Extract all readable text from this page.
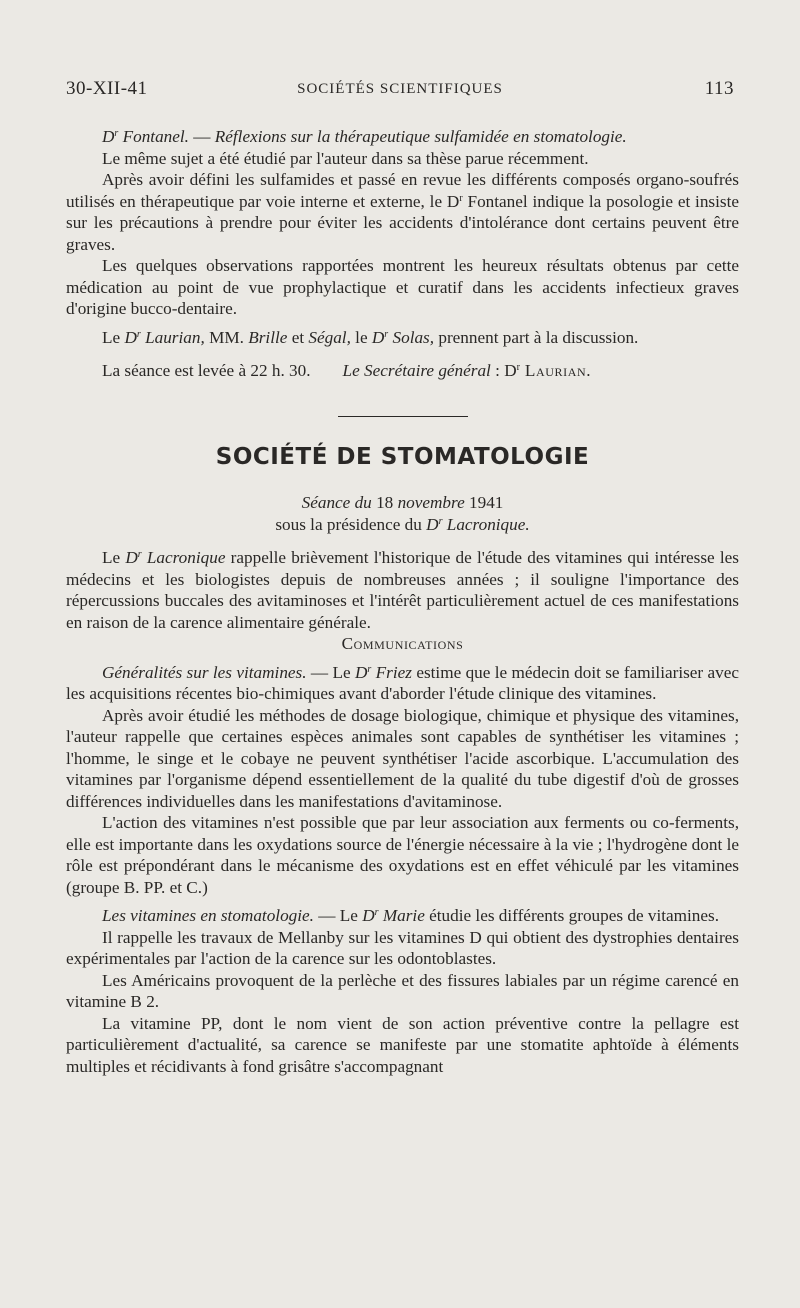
30-XII-41	SOCIÉTÉS SCIENTIFIQUES	113

$D^r$ Fontanel. — Réflexions sur la thérapeutique sulfamidée en stomatologie.

Le même sujet a été étudié par l'auteur dans sa thèse parue récemment.

Après avoir défini les sulfamides et passé en revue les différents composés organo-soufrés utilisés en thérapeutique par voie interne et externe, le $D^r$ Fontanel indique la posologie et insiste sur les précautions à prendre pour éviter les accidents d'intolérance dont certains peuvent être graves.

Les quelques observations rapportées montrent les heureux résultats obtenus par cette médication au point de vue prophylactique et curatif dans les accidents infectieux graves d'origine bucco-dentaire.

Le $D^r$ Laurian, MM. Brille et Ségal, le $D^r$ Solas, prennent part à la discussion.

La séance est levée à 22 h. 30. Le Secrétaire général : $D^r$ Laurian.

SOCIÉTÉ DE STOMATOLOGIE

Séance du 18 novembre 1941

sous la présidence du $D^r$ Lacronique.

Le $D^r$ Lacronique rappelle brièvement l'historique de l'étude des vitamines qui intéresse les médecins et les biologistes depuis de nombreuses années ; il souligne l'importance des répercussions buccales des avitaminoses et l'intérêt particulièrement actuel de ces manifestations en raison de la carence alimentaire générale.

Communications

Généralités sur les vitamines. — Le $D^r$ Friez estime que le médecin doit se familiariser avec les acquisitions récentes bio-chimiques avant d'aborder l'étude clinique des vitamines.

Après avoir étudié les méthodes de dosage biologique, chimique et physique des vitamines, l'auteur rappelle que certaines espèces animales sont capables de synthétiser les vitamines ; l'homme, le singe et le cobaye ne peuvent synthétiser l'acide ascorbique. L'accumulation des vitamines par l'organisme dépend essentiellement de la qualité du tube digestif d'où de grosses différences individuelles dans les manifestations d'avitaminose.

L'action des vitamines n'est possible que par leur association aux ferments ou co-ferments, elle est importante dans les oxydations source de l'énergie nécessaire à la vie ; l'hydrogène dont le rôle est prépondérant dans le mécanisme des oxydations est en effet véhiculé par les vitamines (groupe B. PP. et C.)

Les vitamines en stomatologie. — Le $D^r$ Marie étudie les différents groupes de vitamines.

Il rappelle les travaux de Mellanby sur les vitamines D qui obtient des dystrophies dentaires expérimentales par l'action de la carence sur les odontoblastes.

Les Américains provoquent de la perlèche et des fissures labiales par un régime carencé en vitamine B 2.

La vitamine PP, dont le nom vient de son action préventive contre la pellagre est particulièrement d'actualité, sa carence se manifeste par une stomatite aphtoïde à éléments multiples et récidivants à fond grisâtre s'accompagnant
